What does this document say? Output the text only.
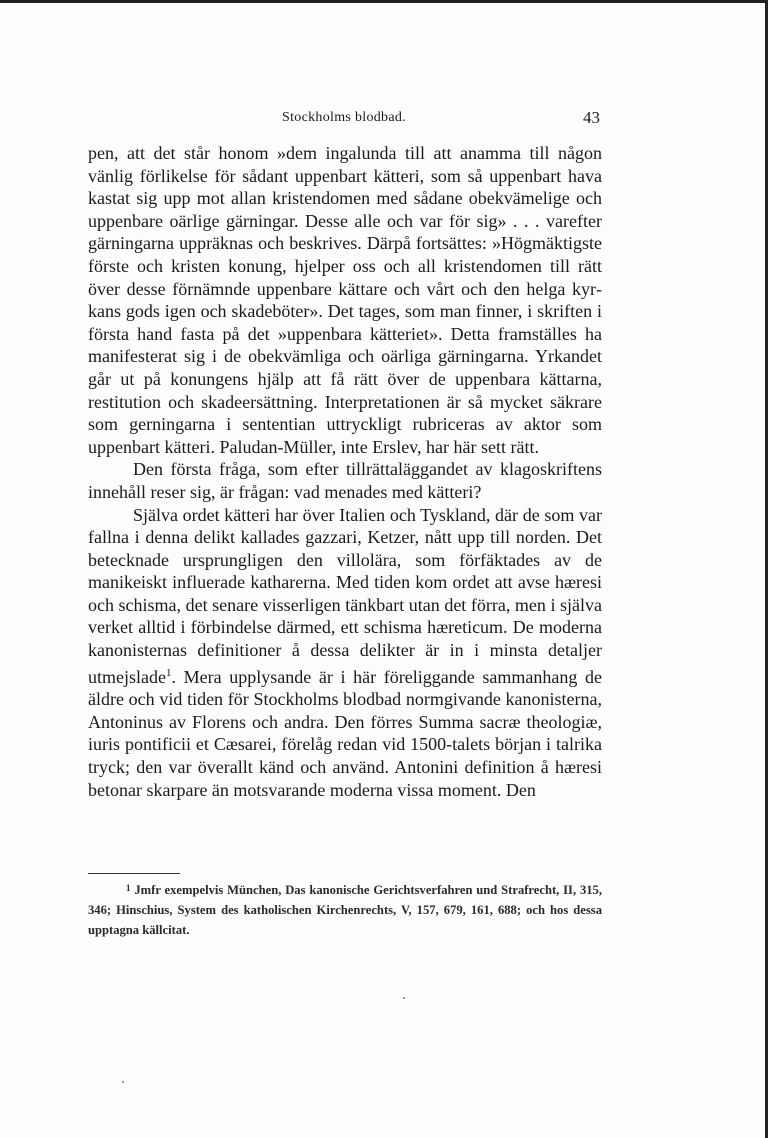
Stockholms blodbad.	43

pen, att det står honom »dem ingalunda till att anamma till någon vänlig förlikelse för sådant uppenbart kätteri, som så uppenbart hava kastat sig upp mot allan kristendomen med sådane obekvämelige och uppenbare oärlige gärningar. Desse alle och var för sig» . . . varefter gärningarna uppräknas och beskrives. Därpå fortsättes: »Högmäktigste förste och kristen konung, hjelper oss och all kristendomen till rätt över desse förnämnde uppenbare kättare och vårt och den helga kyrkans gods igen och skadeböter». Det tages, som man finner, i skriften i första hand fasta på det »uppenbara kätteriet». Detta framställes ha manifesterat sig i de obekvämliga och oärliga gärningarna. Yrkandet går ut på konungens hjälp att få rätt över de uppenbara kättarna, restitution och skadeersättning. Interpretationen är så mycket säkrare som gerningarna i sententian uttryckligt rubriceras av aktor som uppenbart kätteri. Paludan-Müller, inte Erslev, har här sett rätt.

Den första fråga, som efter tillrättaläggandet av klagoskriftens innehåll reser sig, är frågan: vad menades med kätteri?

Själva ordet kätteri har över Italien och Tyskland, där de som var fallna i denna delikt kallades gazzari, Ketzer, nått upp till norden. Det betecknade ursprungligen den villolära, som förfäktades av de manikeiskt influerade katharerna. Med tiden kom ordet att avse hæresi och schisma, det senare visserligen tänkbart utan det förra, men i själva verket alltid i förbindelse därmed, ett schisma hæreticum. De moderna kanonisternas definitioner å dessa delikter är in i minsta detaljer utmejslade$^1$. Mera upplysande är i här föreliggande sammanhang de äldre och vid tiden för Stockholms blodbad normgivande kanonisterna, Antoninus av Florens och andra. Den förres Summa sacræ theologiæ, iuris pontificii et Cæsarei, förelåg redan vid 1500-talets början i talrika tryck; den var överallt känd och använd. Antonini definition å hæresi betonar skarpare än motsvarande moderna vissa moment. Den

$^1$ Jmfr exempelvis München, Das kanonische Gerichtsverfahren und Strafrecht, II, 315, 346; Hinschius, System des katholischen Kirchenrechts, V, 157, 679, 161, 688; och hos dessa upptagna källcitat.
